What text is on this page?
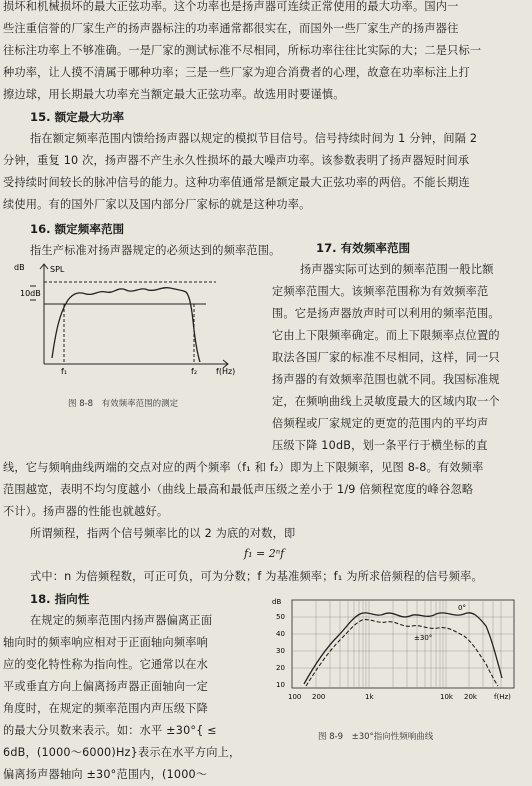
损坏和机械损坏的最大正弦功率。这个功率也是扬声器可连续正常使用的最大功率。国内一
些注重信誉的厂家生产的扬声器标注的功率通常都很实在，而国外一些厂家生产的扬声器往
往标注功率上不够准确。一是厂家的测试标准不尽相同，所标功率往往比实际的大；二是只标一
种功率，让人摸不清属于哪种功率；三是一些厂家为迎合消费者的心理，故意在功率标注上打
擦边球，用长期最大功率充当额定最大正弦功率。故选用时要谨慎。
15. 额定最大功率
指在额定频率范围内馈给扬声器以规定的模拟节目信号。信号持续时间为 1 分钟，间隔 2
分钟，重复 10 次，扬声器不产生永久性损坏的最大噪声功率。该参数表明了扬声器短时间承
受持续时间较长的脉冲信号的能力。这种功率值通常是额定最大正弦功率的两倍。不能长期连
续使用。有的国外厂家以及国内部分厂家标的就是这种功率。
16. 额定频率范围
指生产标准对扬声器规定的必须达到的频率范围。
dB	SPL
10dB
f₁	f₂ f(Hz)
图 8-8　有效频率范围的测定
17. 有效频率范围
扬声器实际可达到的频率范围一般比额
定频率范围大。该频率范围称为有效频率范
围。它是扬声器放声时可以利用的频率范围。
它由上下限频率确定。而上下限频率点位置的
取法各国厂家的标准不尽相同，这样，同一只
扬声器的有效频率范围也就不同。我国标准规
定，在频响曲线上灵敏度最大的区域内取一个
倍频程或厂家规定的更宽的范围内的平均声
压级下降 10dB，划一条平行于横坐标的直
线，它与频响曲线两端的交点对应的两个频率（f₁ 和 f₂）即为上下限频率，见图 8-8。有效频率
范围越宽，表明不均匀度越小（曲线上最高和最低声压级之差小于 1/9 倍频程宽度的峰谷忽略
不计）。扬声器的性能也就越好。
所谓频程，指两个信号频率比的以 2 为底的对数，即
f₁ = 2ⁿf
式中：n 为倍频程数，可正可负，可为分数；f 为基准频率；f₁ 为所求倍频程的信号频率。
18. 指向性
在规定的频率范围内扬声器偏离正面
轴向时的频率响应相对于正面轴向频率响
应的变化特性称为指向性。它通常以在水
平或垂直方向上偏离扬声器正面轴向一定
角度时，在规定的频率范围内声压级下降
的最大分贝数来表示。如：水平 ±30°{ ≤
6dB，(1000～6000)Hz}表示在水平方向上，
偏离扬声器轴向 ±30°范围内，(1000～
dB
50
40
30
20
10
100 200	1k	10k 20k f(Hz)
0°
±30°
图 8-9　±30°指向性频响曲线
